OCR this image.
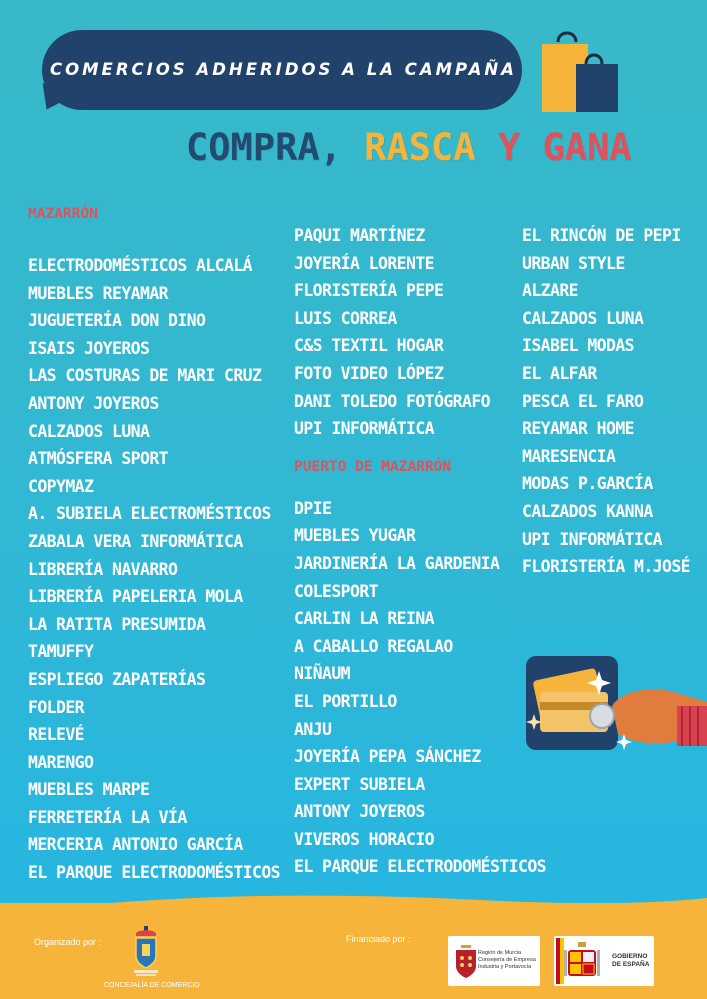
COMERCIOS ADHERIDOS A LA CAMPAÑA
COMPRA, RASCA Y GANA
MAZARRÓN
ELECTRODOMÉSTICOS ALCALÁ
MUEBLES REYAMAR
JUGUETERÍA DON DINO
ISAIS JOYEROS
LAS COSTURAS DE MARI CRUZ
ANTONY JOYEROS
CALZADOS LUNA
ATMÓSFERA SPORT
COPYMAZ
A. SUBIELA ELECTROMÉSTICOS
ZABALA VERA INFORMÁTICA
LIBRERÍA NAVARRO
LIBRERÍA PAPELERIA MOLA
LA RATITA PRESUMIDA
TAMUFFY
ESPLIEGO ZAPATERÍAS
FOLDER
RELEVÉ
MARENGO
MUEBLES MARPE
FERRETERÍA LA VÍA
MERCERIA ANTONIO GARCÍA
EL PARQUE ELECTRODOMÉSTICOS
PAQUI MARTÍNEZ
JOYERÍA LORENTE
FLORISTERÍA PEPE
LUIS CORREA
C&S TEXTIL HOGAR
FOTO VIDEO LÓPEZ
DANI TOLEDO FOTÓGRAFO
UPI INFORMÁTICA
PUERTO DE MAZARRÓN
DPIE
MUEBLES YUGAR
JARDINERÍA LA GARDENIA
COLESPORT
CARLIN LA REINA
A CABALLO REGALAO
NIÑAUM
EL PORTILLO
ANJU
JOYERÍA PEPA SÁNCHEZ
EXPERT SUBIELA
ANTONY JOYEROS
VIVEROS HORACIO
EL PARQUE ELECTRODOMÉSTICOS
EL RINCÓN DE PEPI
URBAN STYLE
ALZARE
CALZADOS LUNA
ISABEL MODAS
EL ALFAR
PESCA EL FARO
REYAMAR HOME
MARESENCIA
MODAS P.GARCÍA
CALZADOS KANNA
UPI INFORMÁTICA
FLORISTERÍA M.JOSÉ
Organizado por :
CONCEJALÍA DE COMERCIO
Financiado por :
Región de Murcia Consejería de Empresa Industria y Portavocía
GOBIERNO DE ESPAÑA
